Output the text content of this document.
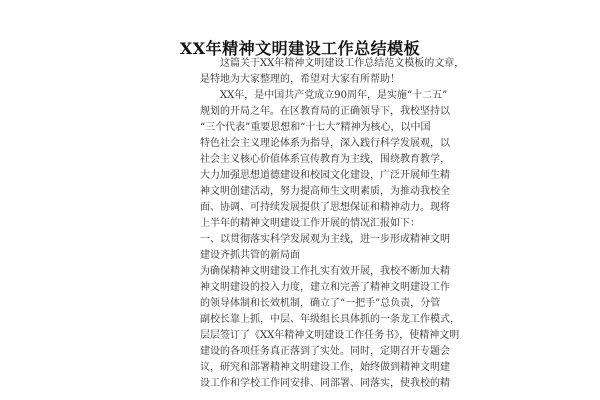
XX年精神文明建设工作总结模板
　　这篇关于XX年精神文明建设工作总结范文模板的文章，
是特地为大家整理的，希望对大家有所帮助！
　　XX年，是中国共产党成立90周年，是实施“十二五”
规划的开局之年。在区教育局的正确领导下，我校坚持以
“三个代表”重要思想和“十七大”精神为核心，以中国
特色社会主义理论体系为指导，深入践行科学发展观，以
社会主义核心价值体系宣传教育为主线，围绕教育教学，
大力加强思想道德建设和校园文化建设，广泛开展师生精
神文明创建活动，努力提高师生文明素质，为推动我校全
面、协调、可持续发展提供了思想保证和精神动力。现将
上半年的精神文明建设工作开展的情况汇报如下：
一、以贯彻落实科学发展观为主线，进一步形成精神文明
建设齐抓共管的新局面
为确保精神文明建设工作扎实有效开展，我校不断加大精
神文明建设的投入力度，建立和完善了精神文明建设工作
的领导体制和长效机制，确立了“一把手”总负责，分管
副校长靠上抓，中层、年级组长具体抓的一条龙工作模式，
层层签订了《XX年精神文明建设工作任务书》，使精神文明
建设的各项任务真正落到了实处。同时，定期召开专题会
议，研究和部署精神文明建设工作，始终做到精神文明建
设工作和学校工作同安排、同部署、同落实，使我校的精
